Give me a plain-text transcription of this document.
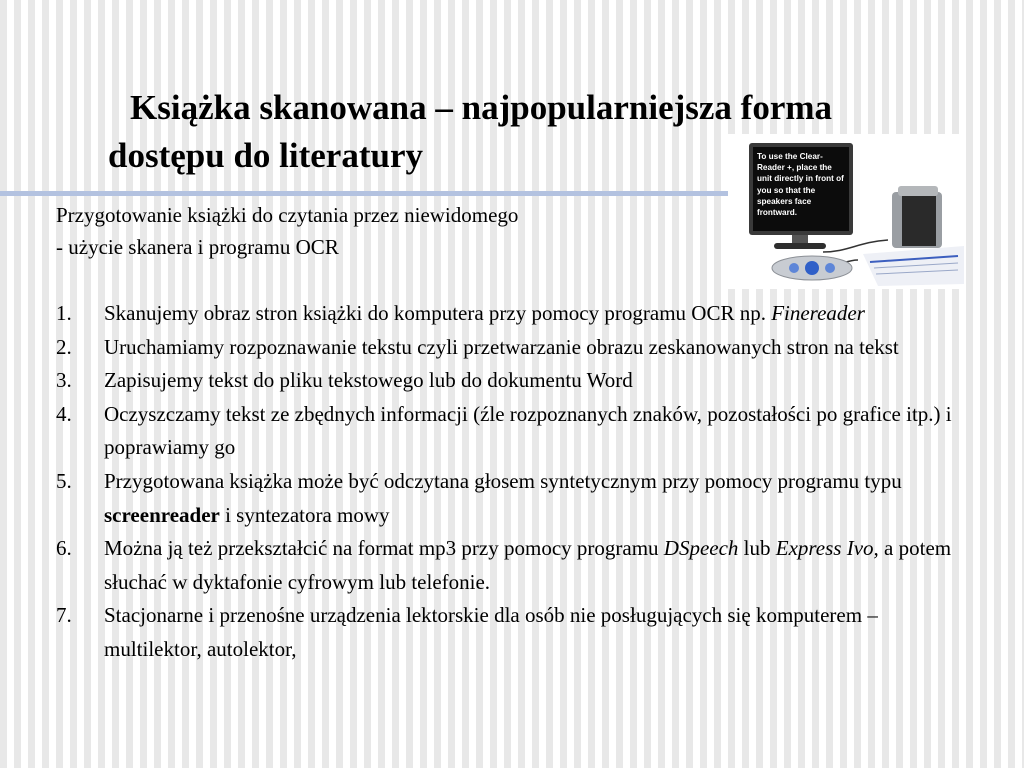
Książka skanowana – najpopularniejsza forma
dostępu do literatury	To use the Clear-Reader +, place the unit directly in front of you so that the speakers face frontward.
Przygotowanie książki do czytania przez niewidomego
- użycie skanera i programu OCR
1.	Skanujemy obraz stron książki do komputera przy pomocy programu OCR np. Finereader
2.	Uruchamiamy rozpoznawanie tekstu czyli przetwarzanie obrazu zeskanowanych stron na tekst
3.	Zapisujemy tekst do pliku tekstowego lub do dokumentu Word
4.	Oczyszczamy tekst ze zbędnych informacji (źle rozpoznanych znaków, pozostałości po grafice itp.) i poprawiamy go
5.	Przygotowana książka może być odczytana głosem syntetycznym przy pomocy programu typu screenreader i syntezatora mowy
6.	Można ją też przekształcić na format mp3 przy pomocy programu DSpeech lub Express Ivo, a potem słuchać w dyktafonie cyfrowym lub telefonie.
7.	Stacjonarne i przenośne urządzenia lektorskie dla osób nie posługujących się komputerem – multilektor, autolektor,
